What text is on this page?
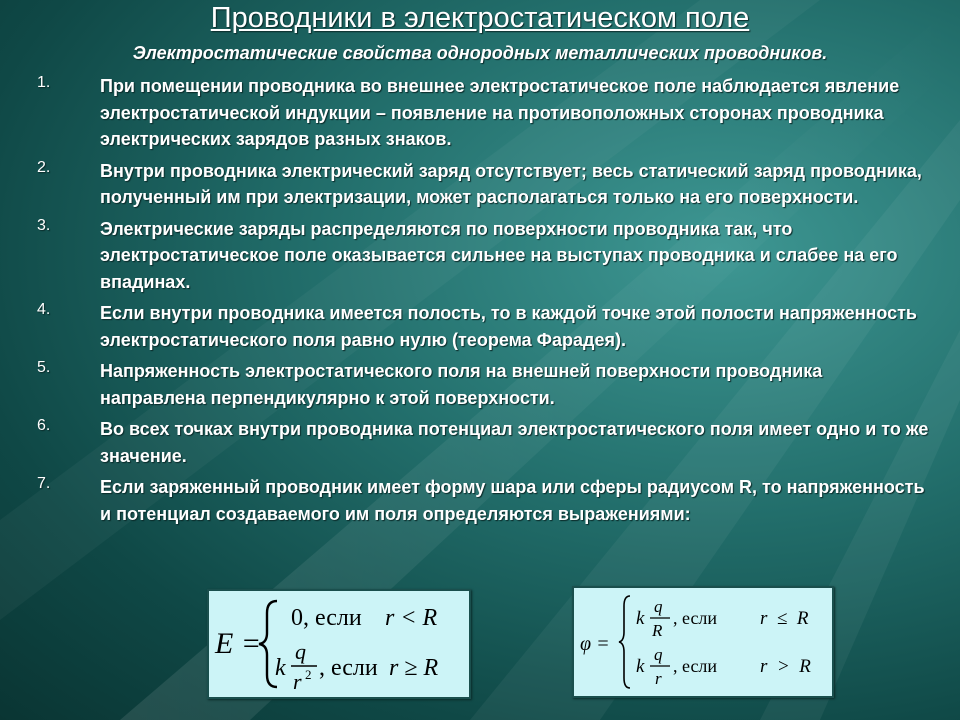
Проводники в электростатическом поле
Электростатические свойства однородных металлических проводников.
1.	При помещении проводника во внешнее электростатическое поле наблюдается явление электростатической индукции – появление на противоположных сторонах проводника электрических зарядов разных знаков.
2.	Внутри проводника электрический заряд отсутствует; весь статический заряд проводника, полученный им при электризации, может располагаться только на его поверхности.
3.	Электрические заряды распределяются по поверхности проводника так, что электростатическое поле оказывается сильнее на выступах проводника и слабее на его впадинах.
4.	Если внутри проводника имеется полость, то в каждой точке этой полости напряженность электростатического поля равно нулю (теорема Фарадея).
5.	Напряженность электростатического поля на внешней поверхности проводника направлена перпендикулярно к этой поверхности.
6.	Во всех точках внутри проводника потенциал электростатического поля имеет одно и то же значение.
7.	Если заряженный проводник имеет форму шара или сферы радиусом R, то напряженность и потенциал создаваемого им поля определяются выражениями:
E =
0, если r < R
k
q
r 2 , если r ≥ R
φ =
k
q
R
, если r  ≤  R
k
q
r
, если r  >  R
